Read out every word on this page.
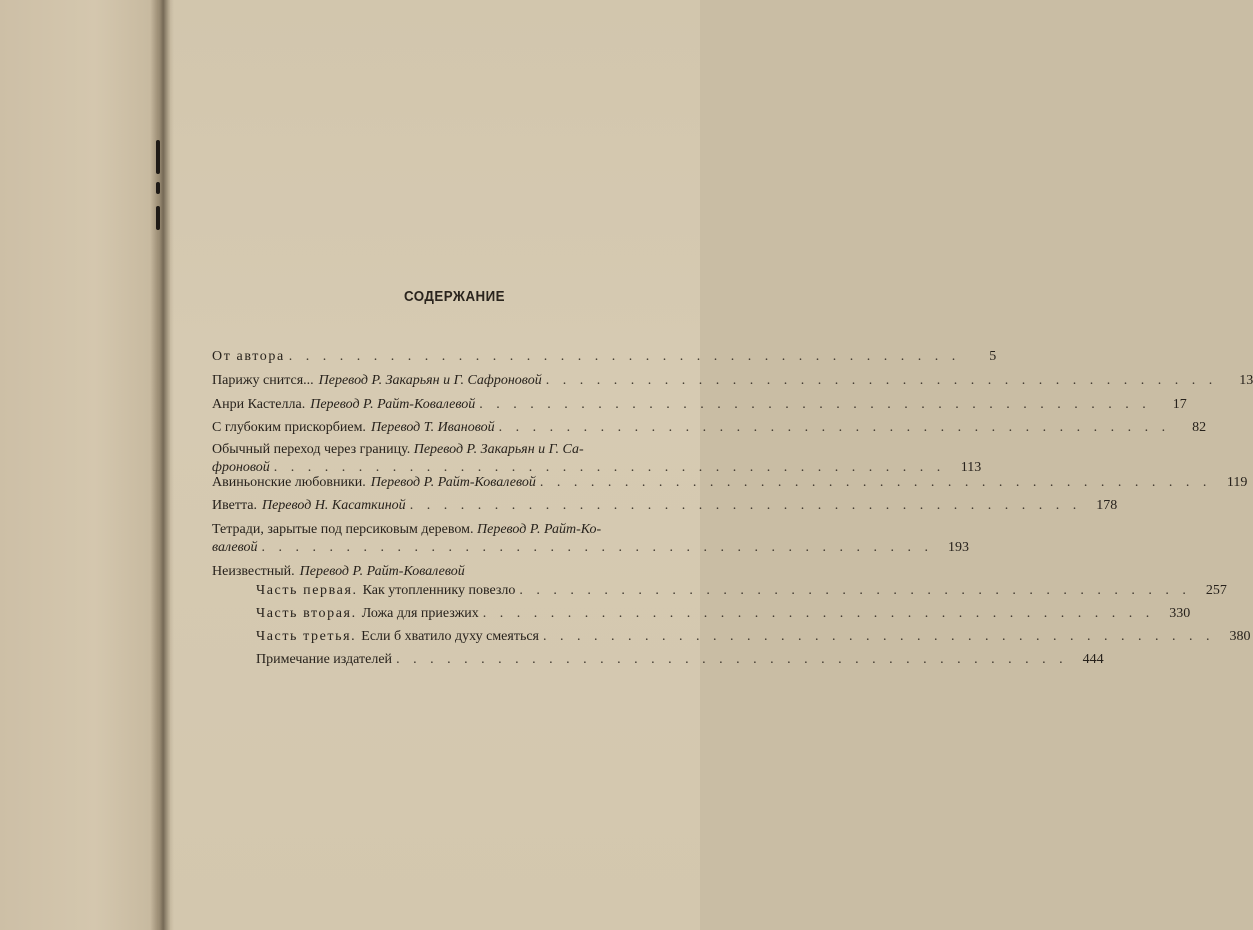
СОДЕРЖАНИЕ
От автора . . . . . . . . . . . . . . . . . . . . . . . . . . . . . . . . . . . . . . . .	5
Парижу снится... Перевод Р. Закарьян и Г. Сафроновой . . . . . . . . . . . . . . . . . . . . . . . . . . . . . . . . . . . . . . . .	13
Анри Кастелла. Перевод Р. Райт-Ковалевой . . . . . . . . . . . . . . . . . . . . . . . . . . . . . . . . . . . . . . . .	17
С глубоким прискорбием. Перевод Т. Ивановой . . . . . . . . . . . . . . . . . . . . . . . . . . . . . . . . . . . . . . . .	82
Обычный переход через границу. Перевод Р. Закарьян и Г. Са-
фроновой . . . . . . . . . . . . . . . . . . . . . . . . . . . . . . . . . . . . . . . .	113
Авиньонские любовники. Перевод Р. Райт-Ковалевой . . . . . . . . . . . . . . . . . . . . . . . . . . . . . . . . . . . . . . . .	119
Иветта. Перевод Н. Касаткиной . . . . . . . . . . . . . . . . . . . . . . . . . . . . . . . . . . . . . . . .	178
Тетради, зарытые под персиковым деревом. Перевод Р. Райт-Ко-
валевой . . . . . . . . . . . . . . . . . . . . . . . . . . . . . . . . . . . . . . . .	193
Неизвестный. Перевод Р. Райт-Ковалевой
Часть первая. Как утопленнику повезло . . . . . . . . . . . . . . . . . . . . . . . . . . . . . . . . . . . . . . . .	257
Часть вторая. Ложа для приезжих . . . . . . . . . . . . . . . . . . . . . . . . . . . . . . . . . . . . . . . .	330
Часть третья. Если б хватило духу смеяться . . . . . . . . . . . . . . . . . . . . . . . . . . . . . . . . . . . . . . . .	380
Примечание издателей . . . . . . . . . . . . . . . . . . . . . . . . . . . . . . . . . . . . . . . .	444
